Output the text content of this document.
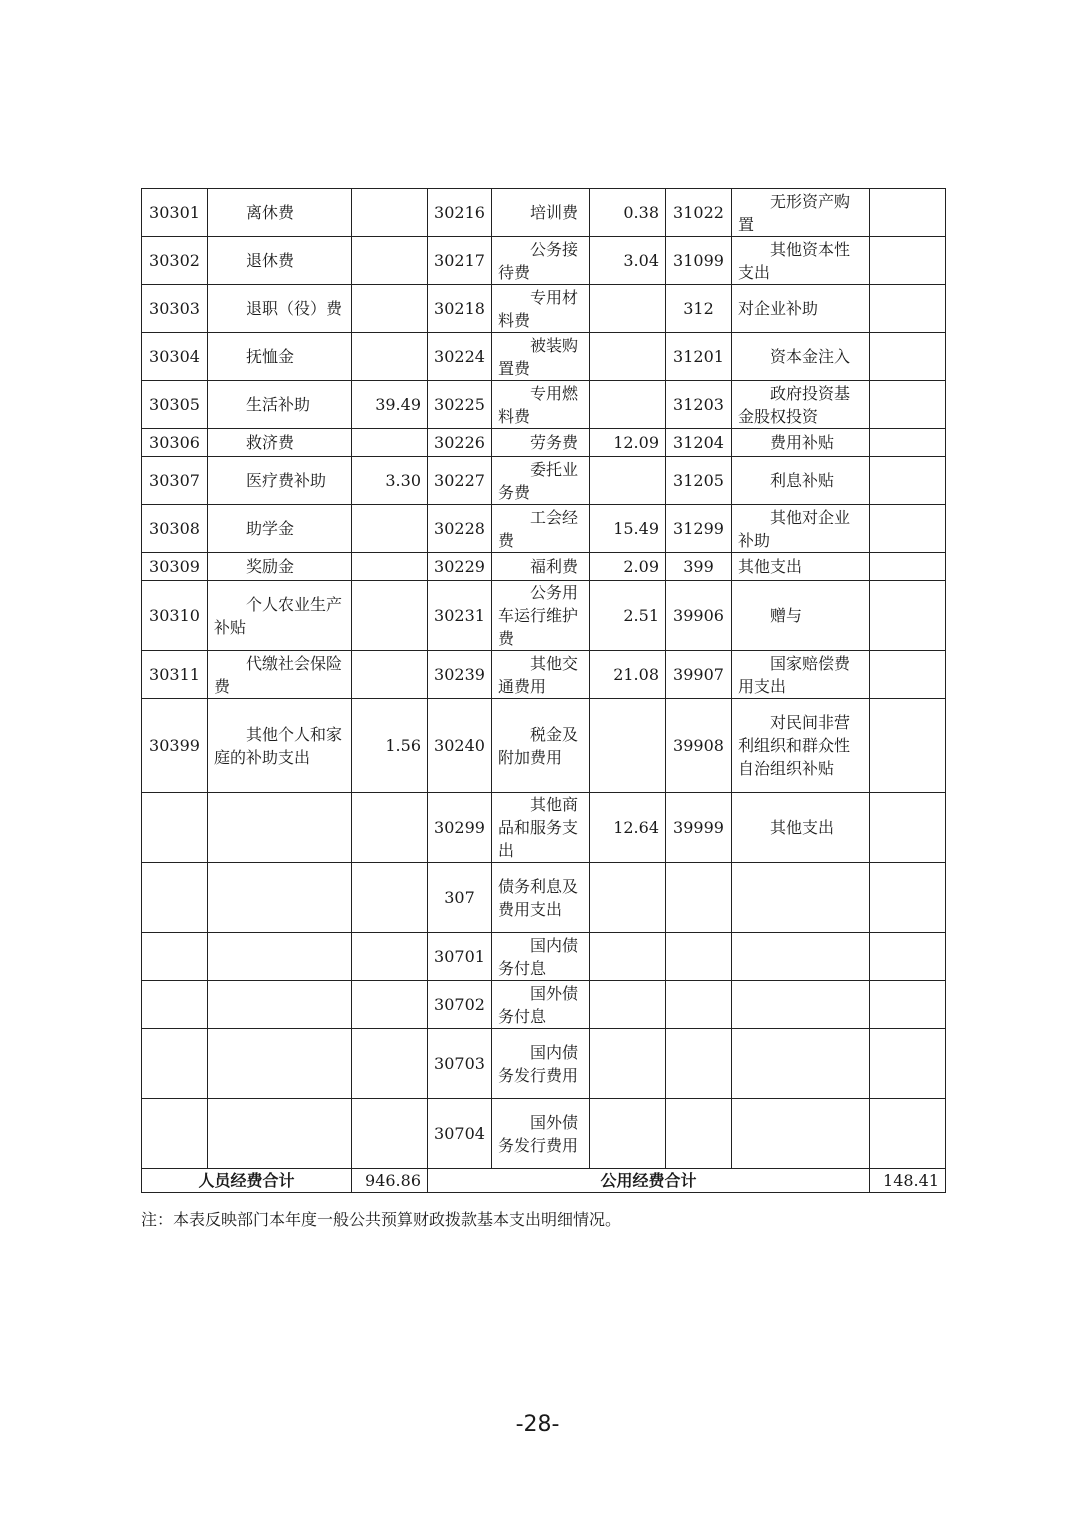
30301	离休费		30216	培训费	0.38	31022	无形资产购置	
30302	退休费		30217	公务接待费	3.04	31099	其他资本性支出	
30303	退职（役）费		30218	专用材料费		312	对企业补助	
30304	抚恤金		30224	被装购置费		31201	资本金注入	
30305	生活补助	39.49	30225	专用燃料费		31203	政府投资基金股权投资	
30306	救济费		30226	劳务费	12.09	31204	费用补贴	
30307	医疗费补助	3.30	30227	委托业务费		31205	利息补贴	
30308	助学金		30228	工会经费	15.49	31299	其他对企业补助	
30309	奖励金		30229	福利费	2.09	399	其他支出	
30310	个人农业生产补贴		30231	公务用车运行维护费	2.51	39906	赠与	
30311	代缴社会保险费		30239	其他交通费用	21.08	39907	国家赔偿费用支出	
30399	其他个人和家庭的补助支出	1.56	30240	税金及附加费用		39908	对民间非营利组织和群众性自治组织补贴	
			30299	其他商品和服务支出	12.64	39999	其他支出	
			307	债务利息及费用支出				
			30701	国内债务付息				
			30702	国外债务付息				
			30703	国内债务发行费用				
			30704	国外债务发行费用				
人员经费合计		946.86	公用经费合计					148.41
注：本表反映部门本年度一般公共预算财政拨款基本支出明细情况。
-28-
